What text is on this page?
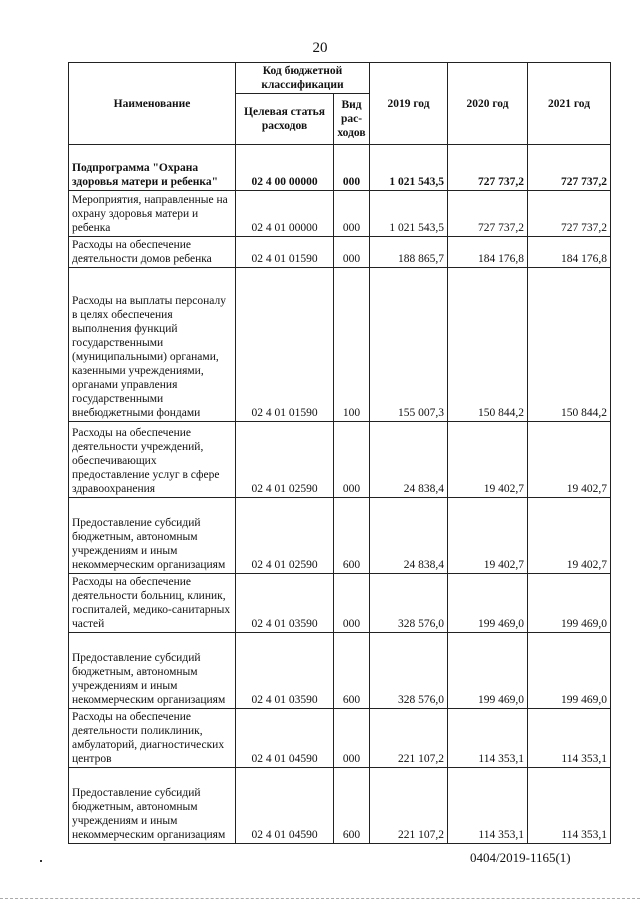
20
Наименование	Код бюджетной классификации		2019 год	2020 год	2021 год
	Целевая статья расходов	Вид рас-ходов			
Подпрограмма "Охрана здоровья матери и ребенка"	02 4 00 00000	000	1 021 543,5	727 737,2	727 737,2
Мероприятия, направленные на охрану здоровья матери и ребенка	02 4 01 00000	000	1 021 543,5	727 737,2	727 737,2
Расходы на обеспечение деятельности домов ребенка	02 4 01 01590	000	188 865,7	184 176,8	184 176,8
Расходы на выплаты персоналу в целях обеспечения выполнения функций государственными (муниципальными) органами, казенными учреждениями, органами управления государственными внебюджетными фондами	02 4 01 01590	100	155 007,3	150 844,2	150 844,2
Расходы на обеспечение деятельности учреждений, обеспечивающих предоставление услуг в сфере здравоохранения	02 4 01 02590	000	24 838,4	19 402,7	19 402,7
Предоставление субсидий бюджетным, автономным учреждениям и иным некоммерческим организациям	02 4 01 02590	600	24 838,4	19 402,7	19 402,7
Расходы на обеспечение деятельности больниц, клиник, госпиталей, медико-санитарных частей	02 4 01 03590	000	328 576,0	199 469,0	199 469,0
Предоставление субсидий бюджетным, автономным учреждениям и иным некоммерческим организациям	02 4 01 03590	600	328 576,0	199 469,0	199 469,0
Расходы на обеспечение деятельности поликлиник, амбулаторий, диагностических центров	02 4 01 04590	000	221 107,2	114 353,1	114 353,1
Предоставление субсидий бюджетным, автономным учреждениям и иным некоммерческим организациям	02 4 01 04590	600	221 107,2	114 353,1	114 353,1
0404/2019-1165(1)
